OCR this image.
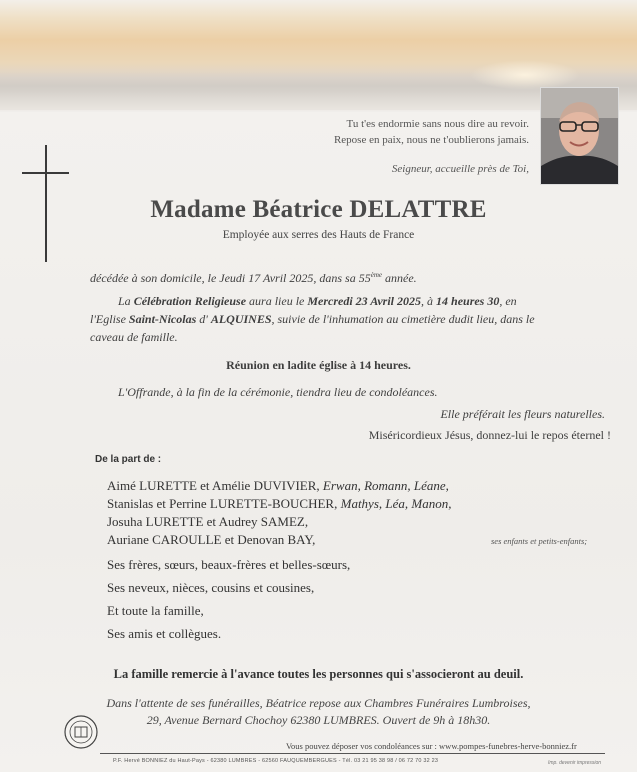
Tu t'es endormie sans nous dire au revoir.
Repose en paix, nous ne t'oublierons jamais.
Seigneur, accueille près de Toi,
Madame Béatrice DELATTRE
Employée aux serres des Hauts de France
décédée à son domicile, le Jeudi 17 Avril 2025, dans sa 55ème année.
La Célébration Religieuse aura lieu le Mercredi 23 Avril 2025, à 14 heures 30, en
l'Eglise Saint-Nicolas d' ALQUINES, suivie de l'inhumation au cimetière dudit lieu, dans le
caveau de famille.
Réunion en ladite église à 14 heures.
L'Offrande, à la fin de la cérémonie, tiendra lieu de condoléances.
Elle préférait les fleurs naturelles.
Miséricordieux Jésus, donnez-lui le repos éternel !
De la part de :
Aimé LURETTE et Amélie DUVIVIER, Erwan, Romann, Léane,
Stanislas et Perrine LURETTE-BOUCHER, Mathys, Léa, Manon,
Josuha LURETTE et Audrey SAMEZ,
Auriane CAROULLE et Denovan BAY,	ses enfants et petits-enfants;
Ses frères, sœurs, beaux-frères et belles-sœurs,
Ses neveux, nièces, cousins et cousines,
Et toute la famille,
Ses amis et collègues.
La famille remercie à l'avance toutes les personnes qui s'associeront au deuil.
Dans l'attente de ses funérailles, Béatrice repose aux Chambres Funéraires Lumbroises,
29, Avenue Bernard Chochoy 62380 LUMBRES. Ouvert de 9h à 18h30.
Vous pouvez déposer vos condoléances sur : www.pompes-funebres-herve-bonniez.fr
P.F. Hervé BONNIEZ du Haut-Pays - 62380 LUMBRES - 62560 FAUQUEMBERGUES - Tél. 03 21 95 38 98 / 06 72 70 32 23	Imp. devenir impression
